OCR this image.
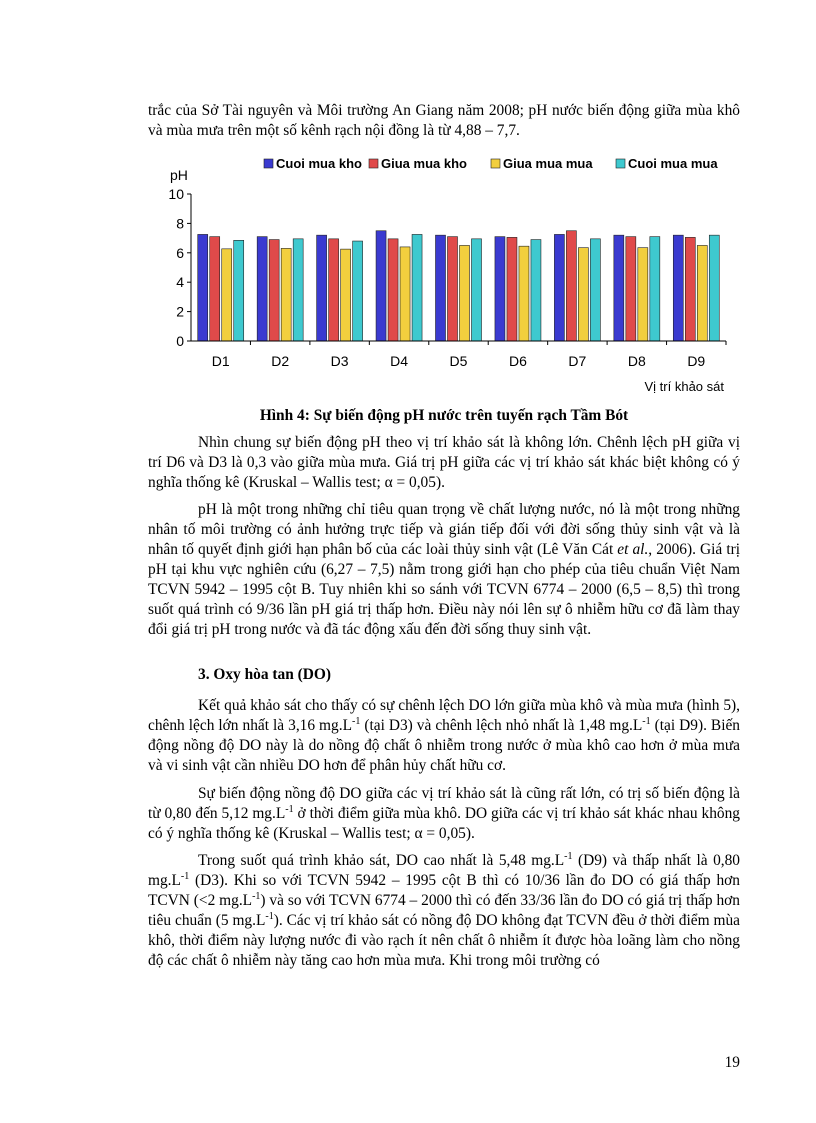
trắc của Sở Tài nguyên và Môi trường An Giang năm 2008; pH nước biến động giữa mùa khô và mùa mưa trên một số kênh rạch nội đồng là từ 4,88 – 7,7.

Cuoi mua kho Giua mua kho	Giua mua mua	Cuoi mua mua
pH
0
2
4
6
8
10
D1	D2	D3	D4	D5	D6	D7	D8	D9
Vị trí khảo sát

Hình 4: Sự biến động pH nước trên tuyến rạch Tầm Bót

Nhìn chung sự biến động pH theo vị trí khảo sát là không lớn. Chênh lệch pH giữa vị trí D6 và D3 là 0,3 vào giữa mùa mưa. Giá trị pH giữa các vị trí khảo sát khác biệt không có ý nghĩa thống kê (Kruskal – Wallis test; α = 0,05).

pH là một trong những chỉ tiêu quan trọng về chất lượng nước, nó là một trong những nhân tố môi trường có ảnh hưởng trực tiếp và gián tiếp đối với đời sống thủy sinh vật và là nhân tố quyết định giới hạn phân bố của các loài thủy sinh vật (Lê Văn Cát et al., 2006). Giá trị pH tại khu vực nghiên cứu (6,27 – 7,5) nằm trong giới hạn cho phép của tiêu chuẩn Việt Nam TCVN 5942 – 1995 cột B. Tuy nhiên khi so sánh với TCVN 6774 – 2000 (6,5 – 8,5) thì trong suốt quá trình có 9/36 lần pH giá trị thấp hơn. Điều này nói lên sự ô nhiễm hữu cơ đã làm thay đổi giá trị pH trong nước và đã tác động xấu đến đời sống thuy sinh vật.

3. Oxy hòa tan (DO)

Kết quả khảo sát cho thấy có sự chênh lệch DO lớn giữa mùa khô và mùa mưa (hình 5), chênh lệch lớn nhất là 3,16 $mg.L^{-1}$ (tại D3) và chênh lệch nhỏ nhất là 1,48 $mg.L^{-1}$ (tại D9). Biến động nồng độ DO này là do nồng độ chất ô nhiễm trong nước ở mùa khô cao hơn ở mùa mưa và vi sinh vật cần nhiều DO hơn để phân hủy chất hữu cơ.

Sự biến động nồng độ DO giữa các vị trí khảo sát là cũng rất lớn, có trị số biến động là từ 0,80 đến 5,12 $mg.L^{-1}$ ở thời điểm giữa mùa khô. DO giữa các vị trí khảo sát khác nhau không có ý nghĩa thống kê (Kruskal – Wallis test; α = 0,05).

Trong suốt quá trình khảo sát, DO cao nhất là 5,48 $mg.L^{-1}$ (D9) và thấp nhất là 0,80 $mg.L^{-1}$ (D3). Khi so với TCVN 5942 – 1995 cột B thì có 10/36 lần đo DO có giá thấp hơn TCVN (<2 $mg.L^{-1}$) và so với TCVN 6774 – 2000 thì có đến 33/36 lần đo DO có giá trị thấp hơn tiêu chuẩn (5 $mg.L^{-1}$). Các vị trí khảo sát có nồng độ DO không đạt TCVN đều ở thời điểm mùa khô, thời điểm này lượng nước đi vào rạch ít nên chất ô nhiễm ít được hòa loãng làm cho nồng độ các chất ô nhiễm này tăng cao hơn mùa mưa. Khi trong môi trường có

19
